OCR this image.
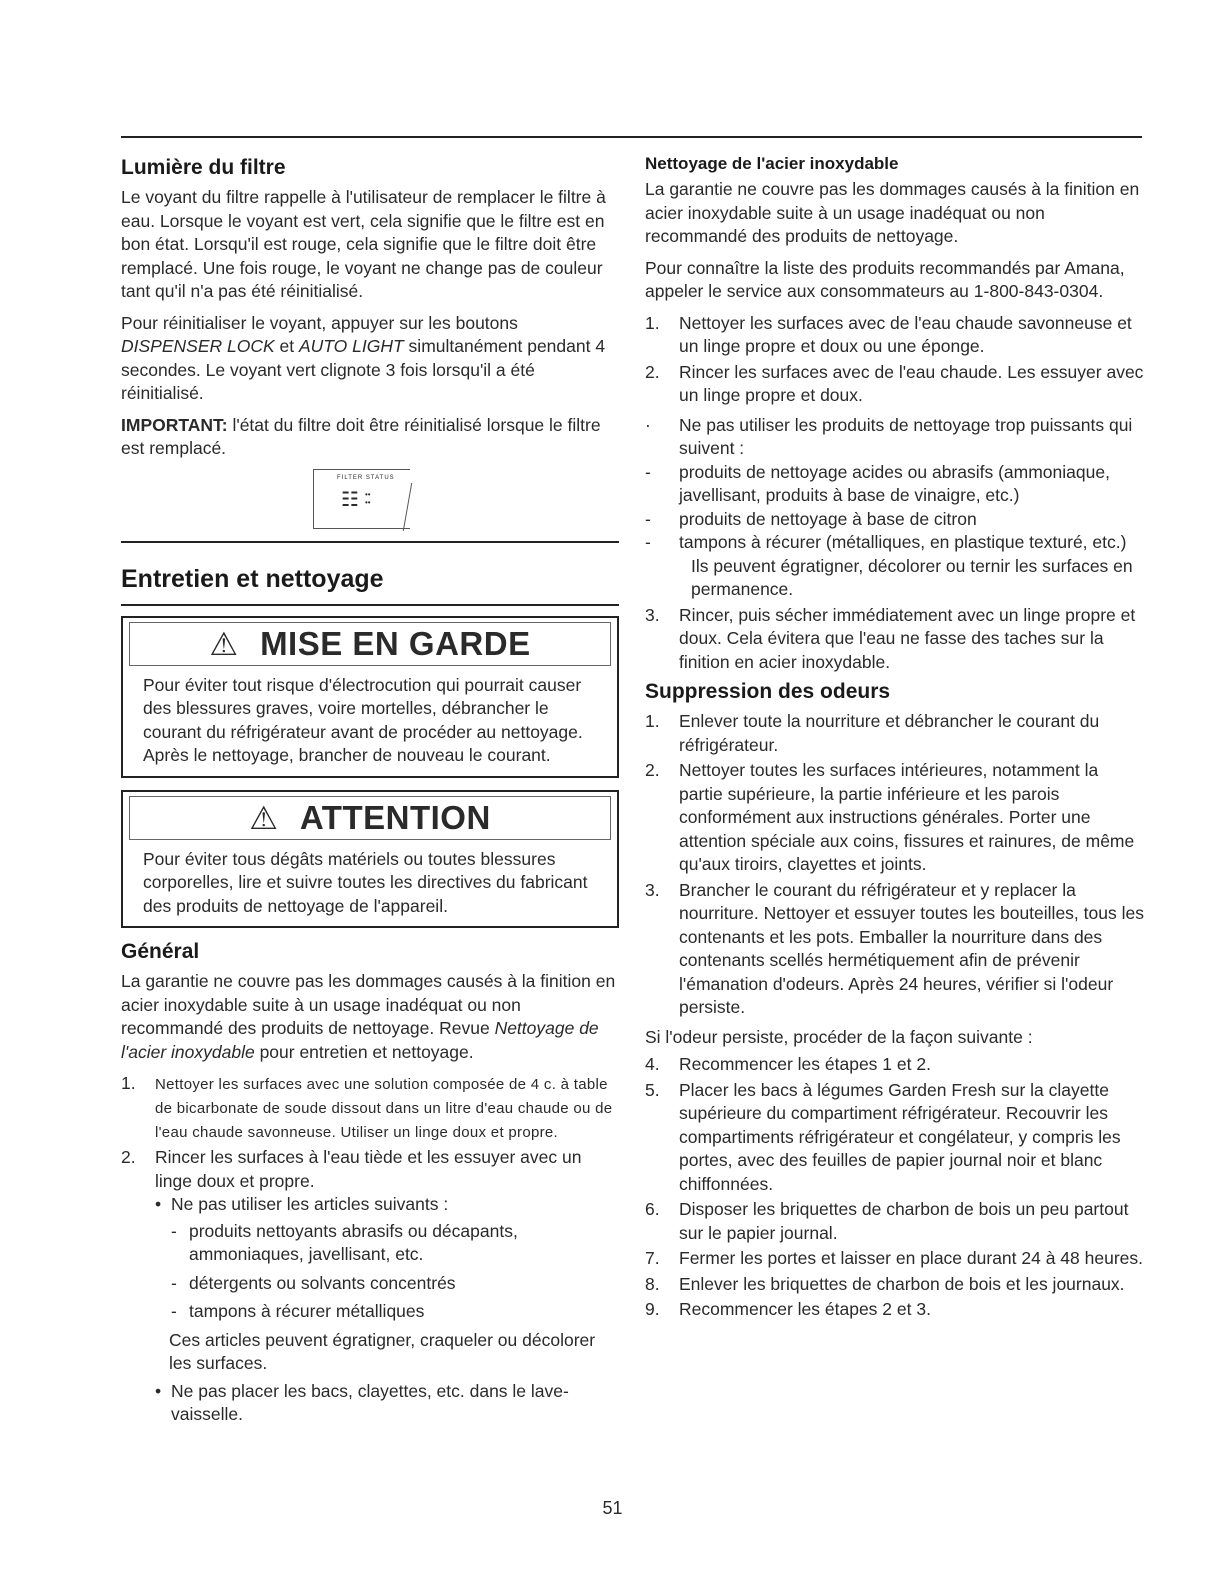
Lumière du filtre

Le voyant du filtre rappelle à l'utilisateur de remplacer le filtre à eau. Lorsque le voyant est vert, cela signifie que le filtre est en bon état. Lorsqu'il est rouge, cela signifie que le filtre doit être remplacé. Une fois rouge, le voyant ne change pas de couleur tant qu'il n'a pas été réinitialisé.

Pour réinitialiser le voyant, appuyer sur les boutons DISPENSER LOCK et AUTO LIGHT simultanément pendant 4 secondes. Le voyant vert clignote 3 fois lorsqu'il a été réinitialisé.

IMPORTANT: l'état du filtre doit être réinitialisé lorsque le filtre est remplacé.

FILTER STATUS
☷ ••
••
Entretien et nettoyage
⚠ MISE EN GARDE

Pour éviter tout risque d'électrocution qui pourrait causer des blessures graves, voire mortelles, débrancher le courant du réfrigérateur avant de procéder au nettoyage. Après le nettoyage, brancher de nouveau le courant.

⚠ ATTENTION

Pour éviter tous dégâts matériels ou toutes blessures corporelles, lire et suivre toutes les directives du fabricant des produits de nettoyage de l'appareil.

Général

La garantie ne couvre pas les dommages causés à la finition en acier inoxydable suite à un usage inadéquat ou non recommandé des produits de nettoyage. Revue Nettoyage de l'acier inoxydable pour entretien et nettoyage.

1. Nettoyer les surfaces avec une solution composée de 4 c. à table de bicarbonate de soude dissout dans un litre d'eau chaude ou de l'eau chaude savonneuse. Utiliser un linge doux et propre.
2. Rincer les surfaces à l'eau tiède et les essuyer avec un linge doux et propre.
• Ne pas utiliser les articles suivants :
- produits nettoyants abrasifs ou décapants, ammoniaques, javellisant, etc.
- détergents ou solvants concentrés
- tampons à récurer métalliques
Ces articles peuvent égratigner, craqueler ou décolorer les surfaces.
• Ne pas placer les bacs, clayettes, etc. dans le lave-vaisselle.
Nettoyage de l'acier inoxydable

La garantie ne couvre pas les dommages causés à la finition en acier inoxydable suite à un usage inadéquat ou non recommandé des produits de nettoyage.

Pour connaître la liste des produits recommandés par Amana, appeler le service aux consommateurs au 1-800-843-0304.

1. Nettoyer les surfaces avec de l'eau chaude savonneuse et un linge propre et doux ou une éponge.
2. Rincer les surfaces avec de l'eau chaude. Les essuyer avec un linge propre et doux.
· Ne pas utiliser les produits de nettoyage trop puissants qui suivent :
- produits de nettoyage acides ou abrasifs (ammoniaque, javellisant, produits à base de vinaigre, etc.)
- produits de nettoyage à base de citron
- tampons à récurer (métalliques, en plastique texturé, etc.)
Ils peuvent égratigner, décolorer ou ternir les surfaces en permanence.
3. Rincer, puis sécher immédiatement avec un linge propre et doux. Cela évitera que l'eau ne fasse des taches sur la finition en acier inoxydable.
Suppression des odeurs
1. Enlever toute la nourriture et débrancher le courant du réfrigérateur.
2. Nettoyer toutes les surfaces intérieures, notamment la partie supérieure, la partie inférieure et les parois conformément aux instructions générales. Porter une attention spéciale aux coins, fissures et rainures, de même qu'aux tiroirs, clayettes et joints.
3. Brancher le courant du réfrigérateur et y replacer la nourriture. Nettoyer et essuyer toutes les bouteilles, tous les contenants et les pots. Emballer la nourriture dans des contenants scellés hermétiquement afin de prévenir l'émanation d'odeurs. Après 24 heures, vérifier si l'odeur persiste.

Si l'odeur persiste, procéder de la façon suivante :

4. Recommencer les étapes 1 et 2.
5. Placer les bacs à légumes Garden Fresh sur la clayette supérieure du compartiment réfrigérateur. Recouvrir les compartiments réfrigérateur et congélateur, y compris les portes, avec des feuilles de papier journal noir et blanc chiffonnées.
6. Disposer les briquettes de charbon de bois un peu partout sur le papier journal.
7. Fermer les portes et laisser en place durant 24 à 48 heures.
8. Enlever les briquettes de charbon de bois et les journaux.
9. Recommencer les étapes 2 et 3.
51
